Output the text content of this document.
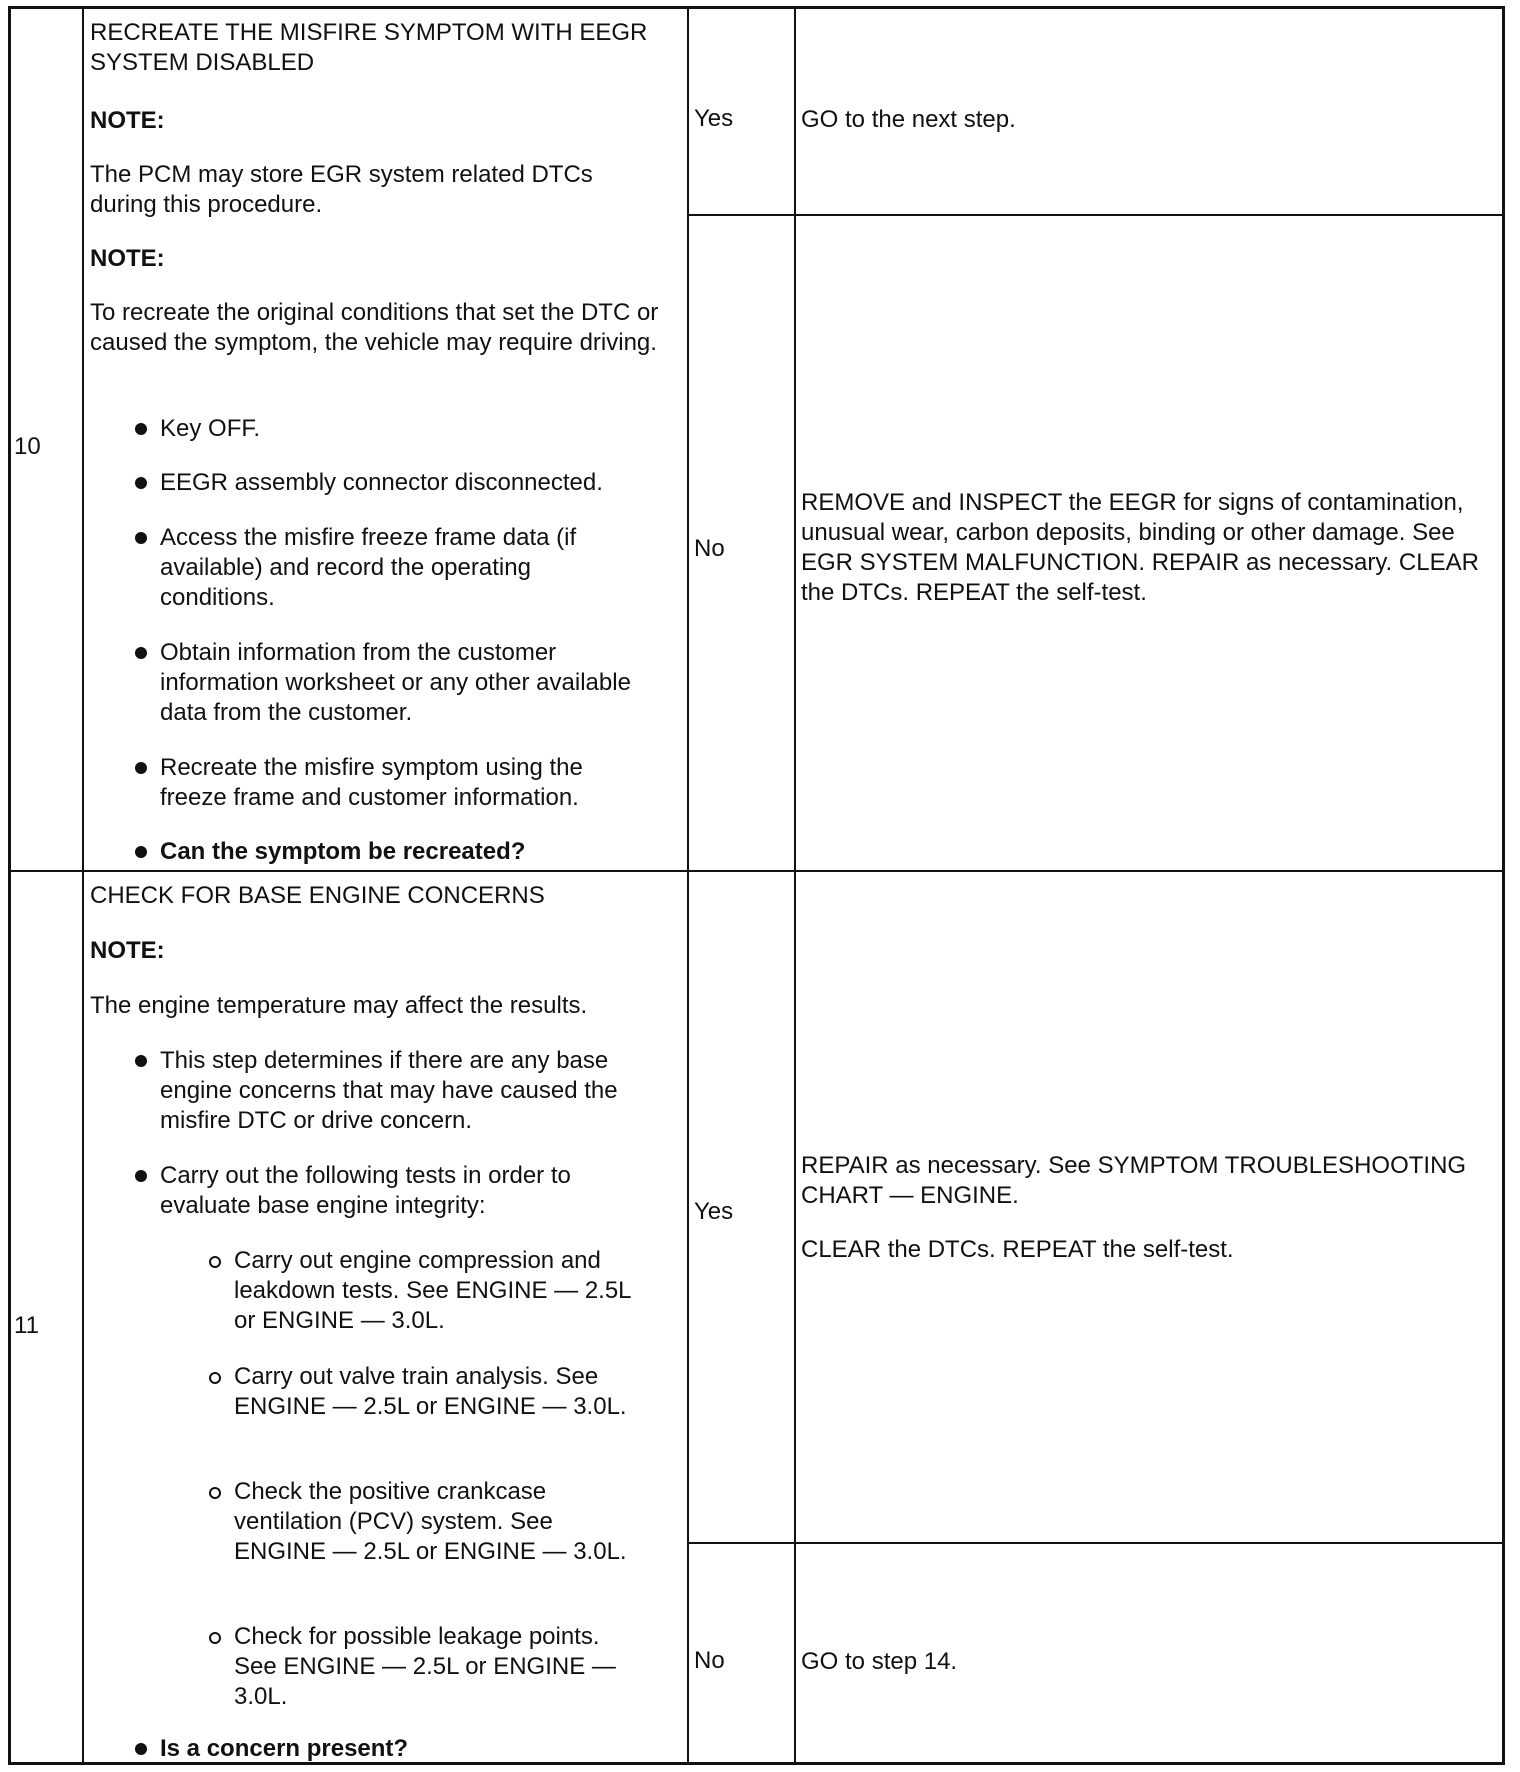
10
RECREATE THE MISFIRE SYMPTOM WITH EEGR SYSTEM DISABLED
NOTE:
The PCM may store EGR system related DTCs during this procedure.
NOTE:
To recreate the original conditions that set the DTC or caused the symptom, the vehicle may require driving.
Key OFF.
EEGR assembly connector disconnected.
Access the misfire freeze frame data (if available) and record the operating conditions.
Obtain information from the customer information worksheet or any other available data from the customer.
Recreate the misfire symptom using the freeze frame and customer information.
Can the symptom be recreated?
Yes	GO to the next step.
No
REMOVE and INSPECT the EEGR for signs of contamination, unusual wear, carbon deposits, binding or other damage. See EGR SYSTEM MALFUNCTION. REPAIR as necessary. CLEAR the DTCs. REPEAT the self-test.
11
CHECK FOR BASE ENGINE CONCERNS
NOTE:
The engine temperature may affect the results.
This step determines if there are any base engine concerns that may have caused the misfire DTC or drive concern.
Carry out the following tests in order to evaluate base engine integrity:
Carry out engine compression and leakdown tests. See ENGINE — 2.5L or ENGINE — 3.0L.
Carry out valve train analysis. See ENGINE — 2.5L or ENGINE — 3.0L.
Check the positive crankcase ventilation (PCV) system. See ENGINE — 2.5L or ENGINE — 3.0L.
Check for possible leakage points. See ENGINE — 2.5L or ENGINE — 3.0L.
Is a concern present?
Yes
REPAIR as necessary. See SYMPTOM TROUBLESHOOTING CHART — ENGINE.
CLEAR the DTCs. REPEAT the self-test.
No	GO to step 14.
